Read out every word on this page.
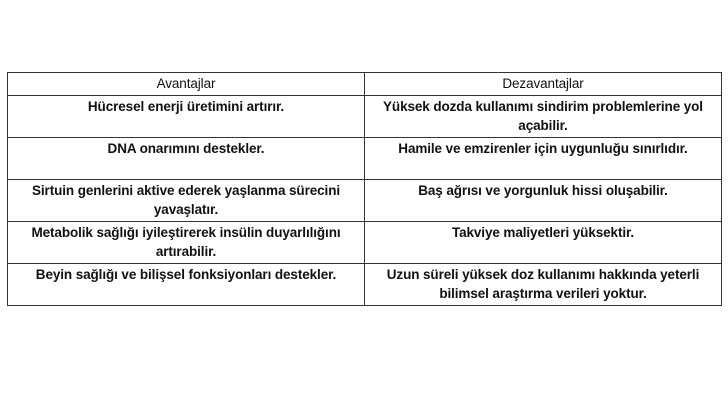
Avantajlar	Dezavantajlar
Hücresel enerji üretimini artırır.	Yüksek dozda kullanımı sindirim problemlerine yol açabilir.
DNA onarımını destekler.	Hamile ve emzirenler için uygunluğu sınırlıdır.
Sirtuin genlerini aktive ederek yaşlanma sürecini yavaşlatır.	Baş ağrısı ve yorgunluk hissi oluşabilir.
Metabolik sağlığı iyileştirerek insülin duyarlılığını artırabilir.	Takviye maliyetleri yüksektir.
Beyin sağlığı ve bilişsel fonksiyonları destekler.	Uzun süreli yüksek doz kullanımı hakkında yeterli bilimsel araştırma verileri yoktur.
